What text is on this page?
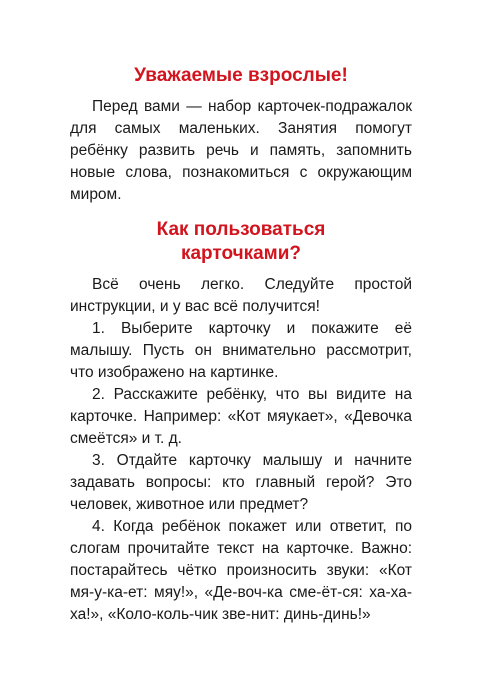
Уважаемые взрослые!

Перед вами — набор карточек-подражалок для самых маленьких. Занятия помогут ребёнку развить речь и память, запомнить новые слова, познакомиться с окружающим миром.

Как пользоваться
карточками?

Всё очень легко. Следуйте простой инструкции, и у вас всё получится!

1. Выберите карточку и покажите её малышу. Пусть он внимательно рассмотрит, что изображено на картинке.

2. Расскажите ребёнку, что вы видите на карточке. Например: «Кот мяукает», «Девочка смеётся» и т. д.

3. Отдайте карточку малышу и начните задавать вопросы: кто главный герой? Это человек, животное или предмет?

4. Когда ребёнок покажет или ответит, по слогам прочитайте текст на карточке. Важно: постарайтесь чётко произносить звуки: «Кот мя-у-ка-ет: мяу!», «Де-воч-ка сме-ёт-ся: ха-ха-ха!», «Коло-коль-чик зве-нит: динь-динь!»
